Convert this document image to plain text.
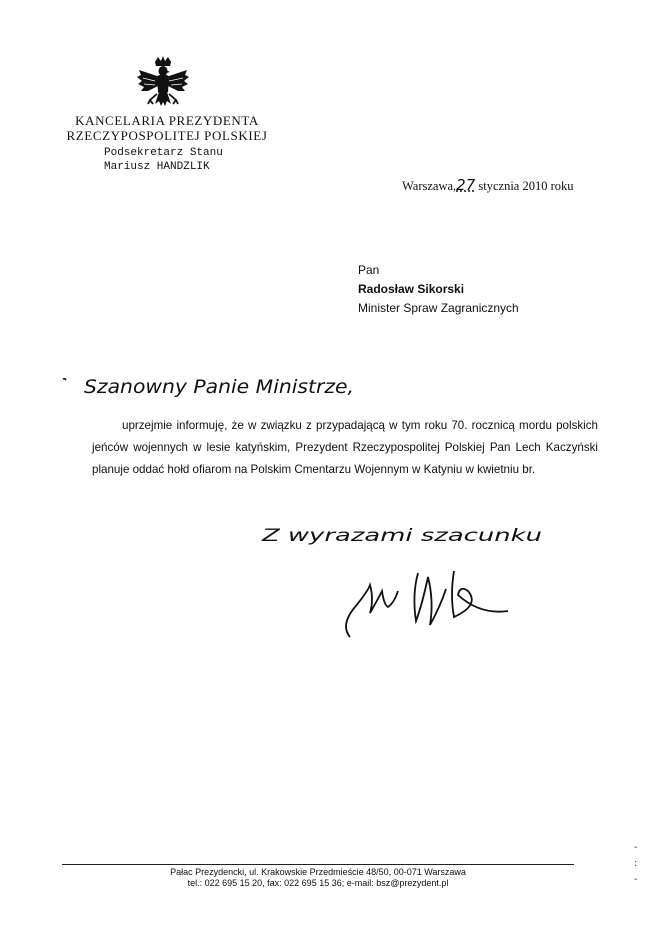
KANCELARIA PREZYDENTA
RZECZYPOSPOLITEJ POLSKIEJ
Podsekretarz Stanu
Mariusz HANDZLIK
Warszawa,27 stycznia 2010 roku
Pan
Radosław Sikorski
Minister Spraw Zagranicznych
Szanowny Panie Ministrze,

uprzejmie informuję, że w związku z przypadającą w tym roku 70. rocznicą mordu polskich jeńców wojennych w lesie katyńskim, Prezydent Rzeczypospolitej Polskiej Pan Lech Kaczyński planuje oddać hołd ofiarom na Polskim Cmentarzu Wojennym w Katyniu w kwietniu br.

Z wyrazami szacunku
Pałac Prezydencki, ul. Krakowskie Przedmieście 48/50, 00-071 Warszawa
tel.: 022 695 15 20, fax: 022 695 15 36; e-mail: bsz@prezydent.pl
-
:
-
